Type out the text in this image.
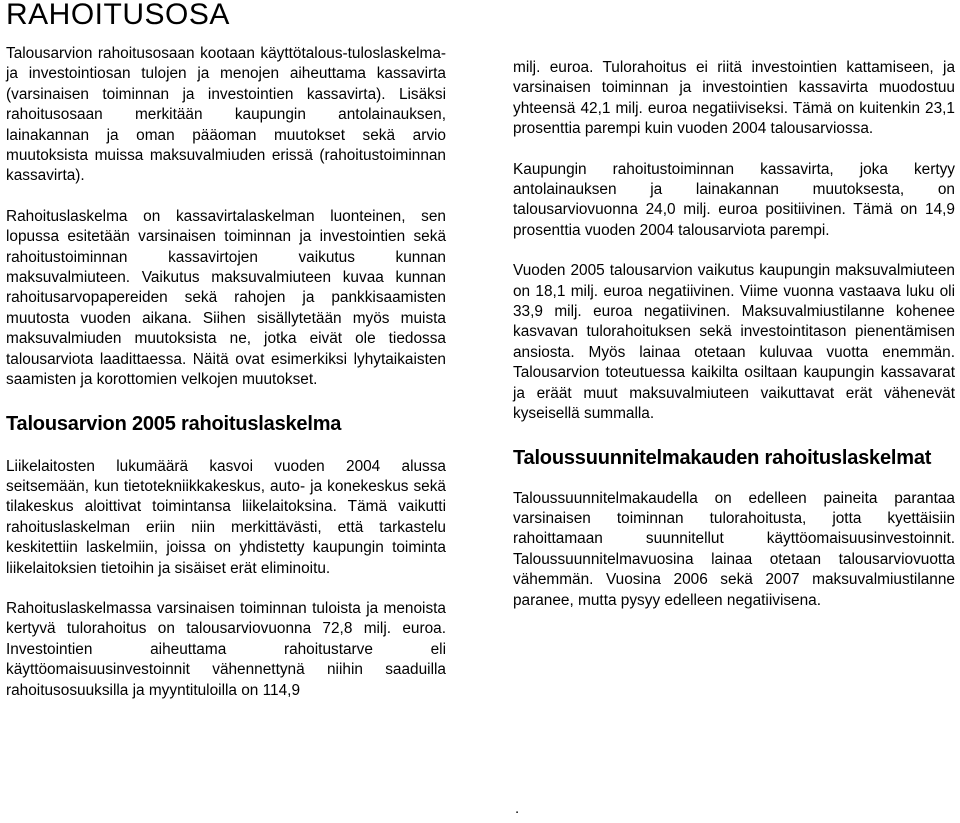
RAHOITUSOSA

Talousarvion rahoitusosaan kootaan käyttötalous-tuloslaskelma- ja investointiosan tulojen ja menojen aiheuttama kassavirta (varsinaisen toiminnan ja investointien kassavirta). Lisäksi rahoitusosaan merkitään kaupungin antolainauksen, lainakannan ja oman pääoman muutokset sekä arvio muutoksista muissa maksuvalmiuden erissä (rahoitustoiminnan kassavirta).

Rahoituslaskelma on kassavirtalaskelman luonteinen, sen lopussa esitetään varsinaisen toiminnan ja investointien sekä rahoitustoiminnan kassavirtojen vaikutus kunnan maksuvalmiuteen. Vaikutus maksuvalmiuteen kuvaa kunnan rahoitusarvopapereiden sekä rahojen ja pankkisaamisten muutosta vuoden aikana. Siihen sisällytetään myös muista maksuvalmiuden muutoksista ne, jotka eivät ole tiedossa talousarviota laadittaessa. Näitä ovat esimerkiksi lyhytaikaisten saamisten ja korottomien velkojen muutokset.

Talousarvion 2005 rahoituslaskelma

Liikelaitosten lukumäärä kasvoi vuoden 2004 alussa seitsemään, kun tietotekniikkakeskus, auto- ja konekeskus sekä tilakeskus aloittivat toimintansa liikelaitoksina. Tämä vaikutti rahoituslaskelman eriin niin merkittävästi, että tarkastelu keskitettiin laskelmiin, joissa on yhdistetty kaupungin toiminta liikelaitoksien tietoihin ja sisäiset erät eliminoitu.

Rahoituslaskelmassa varsinaisen toiminnan tuloista ja menoista kertyvä tulorahoitus on talousarviovuonna 72,8 milj. euroa. Investointien aiheuttama rahoitustarve eli käyttöomaisuusinvestoinnit vähennettynä niihin saaduilla rahoitusosuuksilla ja myyntituloilla on 114,9

milj. euroa. Tulorahoitus ei riitä investointien kattamiseen, ja varsinaisen toiminnan ja investointien kassavirta muodostuu yhteensä 42,1 milj. euroa negatiiviseksi. Tämä on kuitenkin 23,1 prosenttia parempi kuin vuoden 2004 talousarviossa.

Kaupungin rahoitustoiminnan kassavirta, joka kertyy antolainauksen ja lainakannan muutoksesta, on talousarviovuonna 24,0 milj. euroa positiivinen. Tämä on 14,9 prosenttia vuoden 2004 talousarviota parempi.

Vuoden 2005 talousarvion vaikutus kaupungin maksuvalmiuteen on 18,1 milj. euroa negatiivinen. Viime vuonna vastaava luku oli 33,9 milj. euroa negatiivinen. Maksuvalmiustilanne kohenee kasvavan tulorahoituksen sekä investointitason pienentämisen ansiosta. Myös lainaa otetaan kuluvaa vuotta enemmän. Talousarvion toteutuessa kaikilta osiltaan kaupungin kassavarat ja eräät muut maksuvalmiuteen vaikuttavat erät vähenevät kyseisellä summalla.

Taloussuunnitelmakauden rahoituslaskelmat

Taloussuunnitelmakaudella on edelleen paineita parantaa varsinaisen toiminnan tulorahoitusta, jotta kyettäisiin rahoittamaan suunnitellut käyttöomaisuusinvestoinnit. Taloussuunnitelmavuosina lainaa otetaan talousarviovuotta vähemmän. Vuosina 2006 sekä 2007 maksuvalmiustilanne paranee, mutta pysyy edelleen negatiivisena.

.
